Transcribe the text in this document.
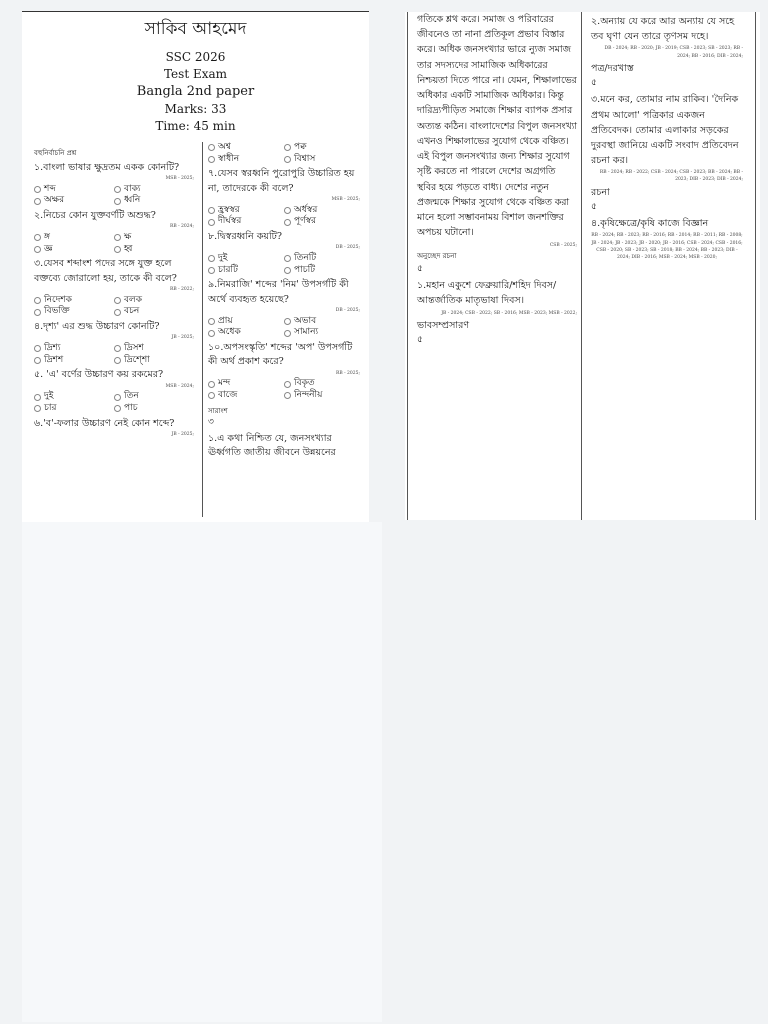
সাকিব আহমেদ
SSC 2026
Test Exam
Bangla 2nd paper
Marks: 33
Time: 45 min
বহুনির্বাচনি প্রশ্ন
১.বাংলা ভাষার ক্ষুদ্রতম একক কোনটি?
MSB - 2025;
শব্দ	বাক্য
অক্ষর	ধ্বনি
২.নিচের কোন যুক্তবর্ণটি অশুদ্ধ?
RB - 2024;
ঙ্গ	ক্ষ
জ্ঞ	হ্ব
৩.যেসব শব্দাংশ পদের সঙ্গে যুক্ত হলে বক্তব্যে জোরালো হয়, তাকে কী বলে?
RB - 2022;
নিদেশক	বলক
বিভক্তি	বচন
৪.দৃশ্য' এর শুদ্ধ উচ্চারণ কোনটি?
JB - 2025;
দ্রিশ্য	দ্রিসশ
দ্রিশশ	দ্রিশ্শো
৫. 'এ' বর্ণের উচ্চারণ কয় রকমের?
MSB - 2024;
দুই	তিন
চার	পাচ
৬.'ব'-ফলার উচ্চারণ নেই কোন শব্দে?
JB - 2025;
অশ্ব	পক্ব
স্বাধীন	বিশ্বাস
৭.যেসব স্বরধ্বনি পুরোপুরি উচ্চারিত হয় না, তাদেরকে কী বলে?
MSB - 2025;
হ্রস্বস্বর	অর্ধস্বর
দীর্ঘস্বর	পূর্ণস্বর
৮.দ্বিস্বরধ্বনি কয়টি?
DB - 2025;
দুই	তিনটি
চারটি	পাচটি
৯.নিমরাজি' শব্দের 'নিম' উপসর্গটি কী অর্থে ব্যবহৃত হয়েছে?
DB - 2025;
প্রায়	অভাব
অধেক	সামান্য
১০.অপসংস্কৃতি' শব্দের 'অপ' উপসর্গটি কী অর্থ প্রকাশ করে?
RB - 2025;
মন্দ	বিকৃত
বাজে	নিন্দনীয়
সারাংশ
৩
১.এ কথা নিশ্চিত যে, জনসংখ্যার ঊর্ধ্বগতি জাতীয় জীবনে উন্নয়নের
গতিকে শ্লথ করে। সমাজ ও পরিবারের জীবনেও তা নানা প্রতিকূল প্রভাব বিস্তার করে। অধিক জনসংখ্যার ভারে ন্যুজ সমাজ তার সদস্যদের সামাজিক অধিকারের নিশ্চয়তা দিতে পারে না। যেমন, শিক্ষালাভের অধিকার একটি সামাজিক অধিকার। কিন্তু দারিদ্র্যপীড়িত সমাজে শিক্ষার ব্যাপক প্রসার অত্যন্ত কঠিন। বাংলাদেশের বিপুল জনসংখ্যা এখনও শিক্ষালাভের সুযোগ থেকে বঞ্চিত। এই বিপুল জনসংখ্যার জন্য শিক্ষার সুযোগ সৃষ্টি করতে না পারলে দেশের অগ্রগতি স্থবির হয়ে পড়তে বাধ্য। দেশের নতুন প্রজন্মকে শিক্ষার সুযোগ থেকে বঞ্চিত করা মানে হলো সম্ভাবনাময় বিশাল জনশক্তির অপচয় ঘটানো।
CSB - 2025;
অনুচ্ছেদ রচনা
৫
১.মহান একুশে ফেব্রুয়ারি/শহিদ দিবস/আন্তর্জাতিক মাতৃভাষা দিবস।
JB - 2024; CSB - 2022; SB - 2016; MSB - 2023; MSB - 2022;
ভাবসম্প্রসারণ
৫
২.অন্যায় যে করে আর অন্যায় যে সহে তব ঘৃণা যেন তারে তৃণসম দহে।
DB - 2024; RB - 2020; JB - 2019; CSB - 2023; SB - 2023; RB - 2024; BB - 2016; DIB - 2024;
পত্র/দরখাস্ত
৫
৩.মনে কর, তোমার নাম রাকিব। 'দৈনিক প্রথম আলো' পত্রিকার একজন প্রতিবেদক। তোমার এলাকার সড়কের দুরবস্থা জানিয়ে একটি সংবাদ প্রতিবেদন রচনা কর।
RB - 2024; RB - 2022; CSB - 2024; CSB - 2023; BB - 2024; BB - 2023; DIB - 2023; DIB - 2024;
রচনা
৫
৪.কৃষিক্ষেত্রে/কৃষি কাজে বিজ্ঞান
RB - 2024; RB - 2023; RB - 2016; RB - 2014; RB - 2011; RB - 2008; JB - 2024; JB - 2023; JB - 2020; JB - 2016; CSB - 2024; CSB - 2016; CSB - 2020; SB - 2023; SB - 2018; BB - 2024; BB - 2023; DIB - 2024; DIB - 2016; MSB - 2024; MSB - 2020;
